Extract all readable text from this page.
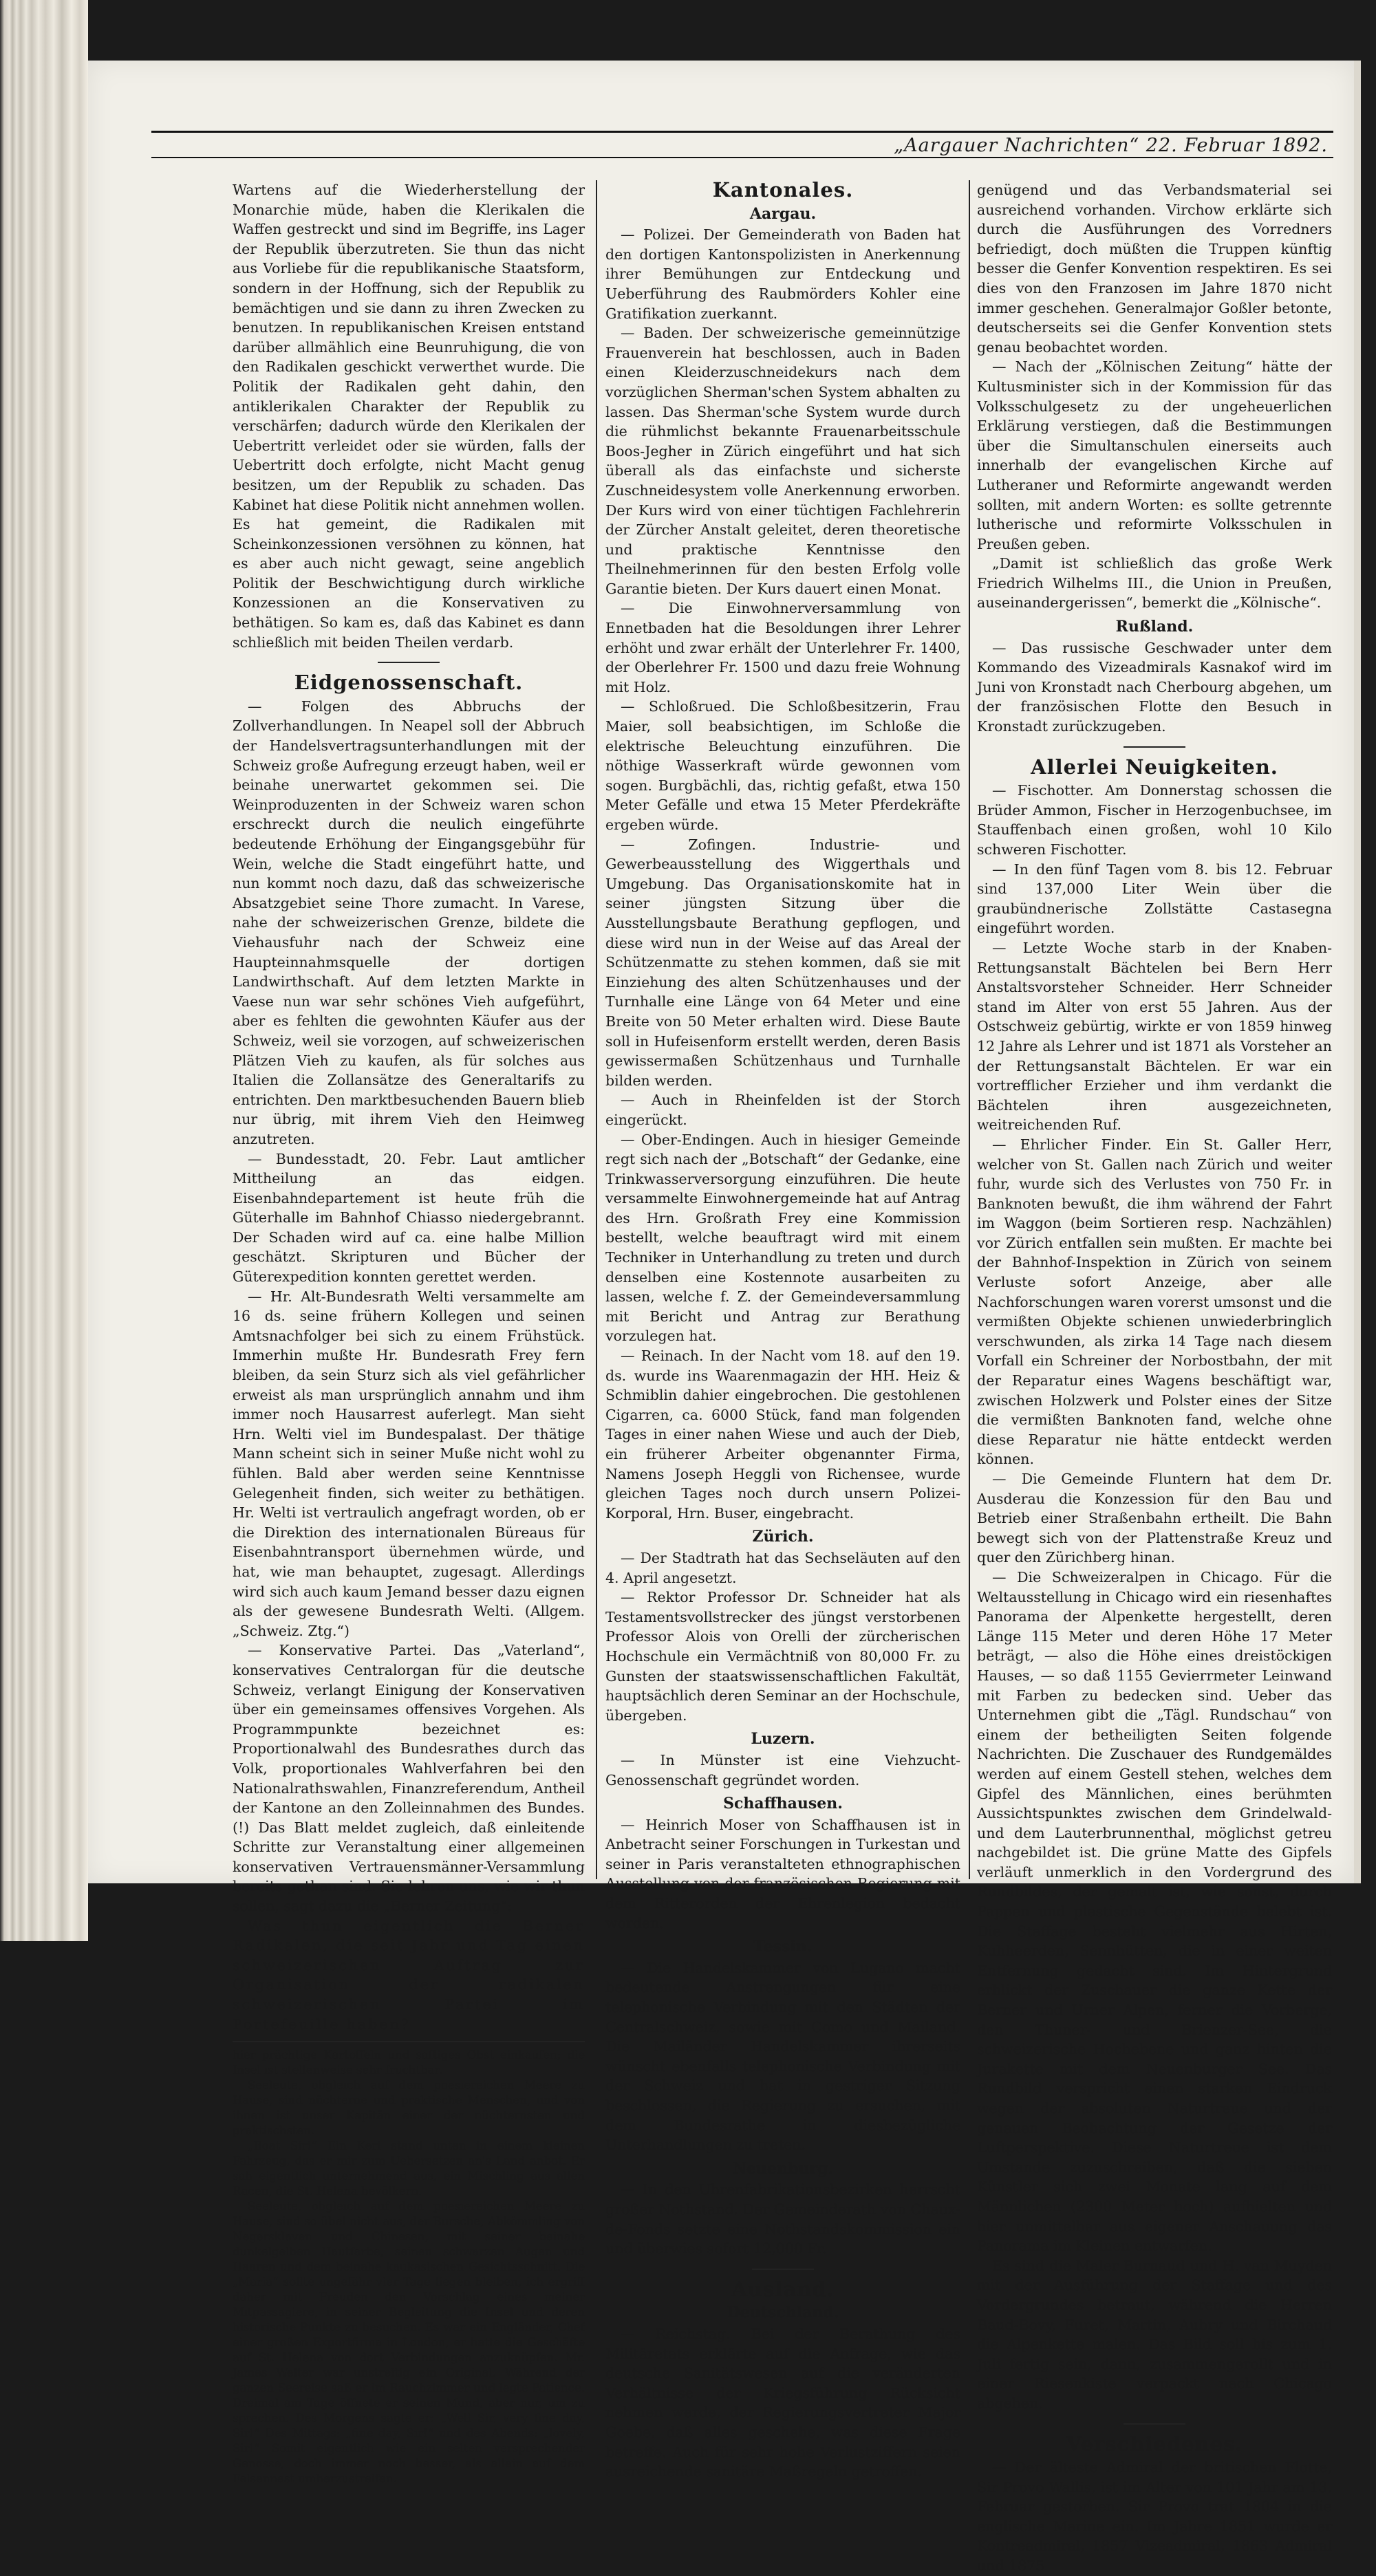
„Aargauer Nachrichten“ 22. Februar 1892.

Wartens auf die Wiederherstellung der Monarchie müde, haben die Klerikalen die Waffen gestreckt und sind im Begriffe, ins Lager der Republik überzutreten. Sie thun das nicht aus Vorliebe für die republikanische Staatsform, sondern in der Hoffnung, sich der Republik zu bemächtigen und sie dann zu ihren Zwecken zu benutzen. In republikanischen Kreisen entstand darüber allmählich eine Beunruhigung, die von den Radikalen geschickt verwerthet wurde. Die Politik der Radikalen geht dahin, den antiklerikalen Charakter der Republik zu verschärfen; dadurch würde den Klerikalen der Uebertritt verleidet oder sie würden, falls der Uebertritt doch erfolgte, nicht Macht genug besitzen, um der Republik zu schaden. Das Kabinet hat diese Politik nicht annehmen wollen. Es hat gemeint, die Radikalen mit Scheinkonzessionen versöhnen zu können, hat es aber auch nicht gewagt, seine angeblich Politik der Beschwichtigung durch wirkliche Konzessionen an die Konservativen zu bethätigen. So kam es, daß das Kabinet es dann schließlich mit beiden Theilen verdarb.

Eidgenossenschaft.

— Folgen des Abbruchs der Zollverhandlungen. In Neapel soll der Abbruch der Handelsvertragsunterhandlungen mit der Schweiz große Aufregung erzeugt haben, weil er beinahe unerwartet gekommen sei. Die Weinproduzenten in der Schweiz waren schon erschreckt durch die neulich eingeführte bedeutende Erhöhung der Eingangsgebühr für Wein, welche die Stadt eingeführt hatte, und nun kommt noch dazu, daß das schweizerische Absatzgebiet seine Thore zumacht. In Varese, nahe der schweizerischen Grenze, bildete die Viehausfuhr nach der Schweiz eine Haupteinnahmsquelle der dortigen Landwirthschaft. Auf dem letzten Markte in Vaese nun war sehr schönes Vieh aufgeführt, aber es fehlten die gewohnten Käufer aus der Schweiz, weil sie vorzogen, auf schweizerischen Plätzen Vieh zu kaufen, als für solches aus Italien die Zollansätze des Generaltarifs zu entrichten. Den marktbesuchenden Bauern blieb nur übrig, mit ihrem Vieh den Heimweg anzutreten.

— Bundesstadt, 20. Febr. Laut amtlicher Mittheilung an das eidgen. Eisenbahndepartement ist heute früh die Güterhalle im Bahnhof Chiasso niedergebrannt. Der Schaden wird auf ca. eine halbe Million geschätzt. Skripturen und Bücher der Güterexpedition konnten gerettet werden.

— Hr. Alt-Bundesrath Welti versammelte am 16 ds. seine frühern Kollegen und seinen Amtsnachfolger bei sich zu einem Frühstück. Immerhin mußte Hr. Bundesrath Frey fern bleiben, da sein Sturz sich als viel gefährlicher erweist als man ursprünglich annahm und ihm immer noch Hausarrest auferlegt. Man sieht Hrn. Welti viel im Bundespalast. Der thätige Mann scheint sich in seiner Muße nicht wohl zu fühlen. Bald aber werden seine Kenntnisse Gelegenheit finden, sich weiter zu bethätigen. Hr. Welti ist vertraulich angefragt worden, ob er die Direktion des internationalen Büreaus für Eisenbahntransport übernehmen würde, und hat, wie man behauptet, zugesagt. Allerdings wird sich auch kaum Jemand besser dazu eignen als der gewesene Bundesrath Welti. (Allgem. „Schweiz. Ztg.“)

— Konservative Partei. Das „Vaterland“, konservatives Centralorgan für die deutsche Schweiz, verlangt Einigung der Konservativen über ein gemeinsames offensives Vorgehen. Als Programmpunkte bezeichnet es: Proportionalwahl des Bundesrathes durch das Volk, proportionales Wahlverfahren bei den Nationalrathswahlen, Finanzreferendum, Antheil der Kantone an den Zolleinnahmen des Bundes. (!) Das Blatt meldet zugleich, daß einleitende Schritte zur Veranstaltung einer allgemeinen konservativen Vertrauensmänner-Versammlung bereits gethan sind. Sie lehren uns, wie wir thun sollen, sagt dazu die „Berner Zeitung“:

Was thun eigentlich die Berner Radikalen, die seit Jahr und Tag einen schweizerischen Auftrag zur Organisation der radikalen schweizerischen Partei im Portefeuille haben?

hier prächtige Kartoffeln und saftiges Obst einkaufen; die Insel ist stellenweise sehr fruchtbar.

Seeleute, obgleich auf dem poesiereichen Meere zu Hause, sind nüchterne und praktische Menschen, und von ihnen ist unser Kapitän einer der nüchternsten und praktischsten.

„Boat Sir!“ Ein Kerl stand unten in einem kleinen Fahrzeug, das er mir zum Uebersetzen an's Land anbot. Er sah eigentlich unternehmend aus, ein Mischling aus allen Racen, die St. Helena bevölkern.

Seeleute, obgleich auf dem poesiereichen Meere zu Hause, sind so übel nicht aus, der Bursche, Abkömmling von Negersklaven und Chinesen, mit seiner beinahe dunkelgelben Hautfarbe, seinen schwarzen Augen und Haaren und dem beinahe kaukasischen Gesichtsschnitt. Die „Maria“ sollte ungefähr vier Tage liegen bleiben, ich ergriff daher mit Freuden den Vorschlag eines meiner Mitpassagiere, in seiner Begleitung die Insel und deren historische Punkte zu besuchen. Es war ein Engländer, Chef einer großen Exportfirma in London, er hatte die Geschäfte auf St. Helena von dort Verbindungen anzuknüpfen. Mr. James Welter war unstreitig ein Original. Während der ganzen Seereise saß er im Rauchzimmer und legte Patience. Dreimal am Tage öffnete er seinen Mund, aber nur, um zu sprechen. Des Morgens sagte er: „Well Sir, very fine day, Sir!“ Des Mittags: „fine day, Sir!“ und des Abends: „lovely, Sir!“ Somit eigentlich wie ein selten versprechender Genosse, doch immer noch besser, als allein auf dem Felsennest umherzustreifen.

Kantonales.
Aargau.

— Polizei. Der Gemeinderath von Baden hat den dortigen Kantonspolizisten in Anerkennung ihrer Bemühungen zur Entdeckung und Ueberführung des Raubmörders Kohler eine Gratifikation zuerkannt.

— Baden. Der schweizerische gemeinnützige Frauenverein hat beschlossen, auch in Baden einen Kleiderzuschneidekurs nach dem vorzüglichen Sherman'schen System abhalten zu lassen. Das Sherman'sche System wurde durch die rühmlichst bekannte Frauenarbeitsschule Boos-Jegher in Zürich eingeführt und hat sich überall als das einfachste und sicherste Zuschneidesystem volle Anerkennung erworben. Der Kurs wird von einer tüchtigen Fachlehrerin der Zürcher Anstalt geleitet, deren theoretische und praktische Kenntnisse den Theilnehmerinnen für den besten Erfolg volle Garantie bieten. Der Kurs dauert einen Monat.

— Die Einwohnerversammlung von Ennetbaden hat die Besoldungen ihrer Lehrer erhöht und zwar erhält der Unterlehrer Fr. 1400, der Oberlehrer Fr. 1500 und dazu freie Wohnung mit Holz.

— Schloßrued. Die Schloßbesitzerin, Frau Maier, soll beabsichtigen, im Schloße die elektrische Beleuchtung einzuführen. Die nöthige Wasserkraft würde gewonnen vom sogen. Burgbächli, das, richtig gefaßt, etwa 150 Meter Gefälle und etwa 15 Meter Pferdekräfte ergeben würde.

— Zofingen. Industrie- und Gewerbeausstellung des Wiggerthals und Umgebung. Das Organisationskomite hat in seiner jüngsten Sitzung über die Ausstellungsbaute Berathung gepflogen, und diese wird nun in der Weise auf das Areal der Schützenmatte zu stehen kommen, daß sie mit Einziehung des alten Schützenhauses und der Turnhalle eine Länge von 64 Meter und eine Breite von 50 Meter erhalten wird. Diese Baute soll in Hufeisenform erstellt werden, deren Basis gewissermaßen Schützenhaus und Turnhalle bilden werden.

— Auch in Rheinfelden ist der Storch eingerückt.

— Ober-Endingen. Auch in hiesiger Gemeinde regt sich nach der „Botschaft“ der Gedanke, eine Trinkwasserversorgung einzuführen. Die heute versammelte Einwohnergemeinde hat auf Antrag des Hrn. Großrath Frey eine Kommission bestellt, welche beauftragt wird mit einem Techniker in Unterhandlung zu treten und durch denselben eine Kostennote ausarbeiten zu lassen, welche f. Z. der Gemeindeversammlung mit Bericht und Antrag zur Berathung vorzulegen hat.

— Reinach. In der Nacht vom 18. auf den 19. ds. wurde ins Waarenmagazin der HH. Heiz & Schmiblin dahier eingebrochen. Die gestohlenen Cigarren, ca. 6000 Stück, fand man folgenden Tages in einer nahen Wiese und auch der Dieb, ein früherer Arbeiter obgenannter Firma, Namens Joseph Heggli von Richensee, wurde gleichen Tages noch durch unsern Polizei-Korporal, Hrn. Buser, eingebracht.

Zürich.

— Der Stadtrath hat das Sechseläuten auf den 4. April angesetzt.

— Rektor Professor Dr. Schneider hat als Testamentsvollstrecker des jüngst verstorbenen Professor Alois von Orelli der zürcherischen Hochschule ein Vermächtniß von 80,000 Fr. zu Gunsten der staatswissenschaftlichen Fakultät, hauptsächlich deren Seminar an der Hochschule, übergeben.

Luzern.

— In Münster ist eine Viehzucht-Genossenschaft gegründet worden.

Schaffhausen.

— Heinrich Moser von Schaffhausen ist in Anbetracht seiner Forschungen in Turkestan und seiner in Paris veranstalteten ethnographischen Ausstellung von der französischen Regierung mit dem Ritterorden der Ehrenlegion bedacht worden.

Tessin.

— Die Handelskammer von Lugano macht bedeutende Anstrengungen für eine telephonische Verbindung mit den Städten der Centralschweiz, sowie mit Como und Mailand. Die Mailänder Handelskammer ihrerseits wünscht ebenfalls telephonische Verbindung mit der Schweiz und hat in gestriger Sitzung beschlossen, die Regierung zu ersuchen, mit dem Bundesrathe in diesbezügliche Unterhandlungen zu treten.

Neuenburg.

— In den Uhrenfabrikationsbezirken herrscht großer Nothstand. Der Gemeinderath von Chaux-de-Fonds setzte eine Nothstandskommission ein und überwies sofort 12,000 Fr.

Ausland.
Deutschland.

— Reichstag. Bei der Berathung des Militäretats erklärte auf die Anfrage, wie das deutsche Sanitätswesen auf die veränderten Verhältnisse der Kriegsführung Rücksicht nehmen werde, der Regierungsvertreter Major Goebe, daß alles geschehe, was diese Frage betreffe. Auch für sehr hohe Verlustziffern seien ausreichende sanitäre Maßregeln getroffen.

genügend und das Verbandsmaterial sei ausreichend vorhanden. Virchow erklärte sich durch die Ausführungen des Vorredners befriedigt, doch müßten die Truppen künftig besser die Genfer Konvention respektiren. Es sei dies von den Franzosen im Jahre 1870 nicht immer geschehen. Generalmajor Goßler betonte, deutscherseits sei die Genfer Konvention stets genau beobachtet worden.

— Nach der „Kölnischen Zeitung“ hätte der Kultusminister sich in der Kommission für das Volksschulgesetz zu der ungeheuerlichen Erklärung verstiegen, daß die Bestimmungen über die Simultanschulen einerseits auch innerhalb der evangelischen Kirche auf Lutheraner und Reformirte angewandt werden sollten, mit andern Worten: es sollte getrennte lutherische und reformirte Volksschulen in Preußen geben.

„Damit ist schließlich das große Werk Friedrich Wilhelms III., die Union in Preußen, auseinandergerissen“, bemerkt die „Kölnische“.

Rußland.

— Das russische Geschwader unter dem Kommando des Vizeadmirals Kasnakof wird im Juni von Kronstadt nach Cherbourg abgehen, um der französischen Flotte den Besuch in Kronstadt zurückzugeben.

Allerlei Neuigkeiten.

— Fischotter. Am Donnerstag schossen die Brüder Ammon, Fischer in Herzogenbuchsee, im Stauffenbach einen großen, wohl 10 Kilo schweren Fischotter.

— In den fünf Tagen vom 8. bis 12. Februar sind 137,000 Liter Wein über die graubündnerische Zollstätte Castasegna eingeführt worden.

— Letzte Woche starb in der Knaben-Rettungsanstalt Bächtelen bei Bern Herr Anstaltsvorsteher Schneider. Herr Schneider stand im Alter von erst 55 Jahren. Aus der Ostschweiz gebürtig, wirkte er von 1859 hinweg 12 Jahre als Lehrer und ist 1871 als Vorsteher an der Rettungsanstalt Bächtelen. Er war ein vortrefflicher Erzieher und ihm verdankt die Bächtelen ihren ausgezeichneten, weitreichenden Ruf.

— Ehrlicher Finder. Ein St. Galler Herr, welcher von St. Gallen nach Zürich und weiter fuhr, wurde sich des Verlustes von 750 Fr. in Banknoten bewußt, die ihm während der Fahrt im Waggon (beim Sortieren resp. Nachzählen) vor Zürich entfallen sein mußten. Er machte bei der Bahnhof-Inspektion in Zürich von seinem Verluste sofort Anzeige, aber alle Nachforschungen waren vorerst umsonst und die vermißten Objekte schienen unwiederbringlich verschwunden, als zirka 14 Tage nach diesem Vorfall ein Schreiner der Norbostbahn, der mit der Reparatur eines Wagens beschäftigt war, zwischen Holzwerk und Polster eines der Sitze die vermißten Banknoten fand, welche ohne diese Reparatur nie hätte entdeckt werden können.

— Die Gemeinde Fluntern hat dem Dr. Ausderau die Konzession für den Bau und Betrieb einer Straßenbahn ertheilt. Die Bahn bewegt sich von der Plattenstraße Kreuz und quer den Zürichberg hinan.

— Die Schweizeralpen in Chicago. Für die Weltausstellung in Chicago wird ein riesenhaftes Panorama der Alpenkette hergestellt, deren Länge 115 Meter und deren Höhe 17 Meter beträgt, — also die Höhe eines dreistöckigen Hauses, — so daß 1155 Gevierrmeter Leinwand mit Farben zu bedecken sind. Ueber das Unternehmen gibt die „Tägl. Rundschau“ von einem der betheiligten Seiten folgende Nachrichten. Die Zuschauer des Rundgemäldes werden auf einem Gestell stehen, welches dem Gipfel des Männlichen, eines berühmten Aussichtspunktes zwischen dem Grindelwald- und dem Lauterbrunnenthal, möglichst getreu nachgebildet ist. Die grüne Matte des Gipfels verläuft unmerklich in den Vordergrund des Rundbildes, der gemalt ist, wie sonst, durch Pappen und plastische Gegenstände belebt ist. Die Staffage besteht vielmehr aus Hirten, Kuhheerden, Sennhütten, die in einer weiten Entfernung gedacht sind. Im Hintergrund erblickt der Zuschauer die ganze Kette der Berner und Urner Alpen, ferner die Vorberge, den Thuner- und Brienzer-See, die schweizerische Hochebene und ganz hinten die Jurakette mit dem Neuenburger See. Das Rundbild verspricht einen starken Eindruck wegen der absoluten Naturtreue und der genauen Beobachtung der Gesetze der Luftperspektive. Diese Naturtreue ist dem Umstande zuzuschreiben, daß die sieben Künstler sich zwei Monate lang auf dem Männlichen (2300 Meter hoch) aufhielten und hier unmittelbar aus eigener Anschauung das Panorama im Kleinen entwarfen.

Es sind die Maler Burnaud und H. van Muyden mit der Ausführung der Staffage und des Vordergrundes betraut, während die Herren Baud-Bovy, Furet, Martin, Aubry und Birchaud die Alpenkette malen. Das Bild soll bis zum 1. Juli fertig sein, dann, zusammengerollt und in einer Riesenkiste verpackt nach Chicago abgehen.

Verschiedenes.

— Der älteste Admiral der britischen Flotte, Sir Provo Wallis, ist im Alter von 101 Jahr am 13. Februar gestorben. Sir Provo trat 1804 in die englische Marine ein. Im Jahre 1851 wurde er Kontreadmiral, 1857 Vizeadmiral, 1863 Admiral und 1875
